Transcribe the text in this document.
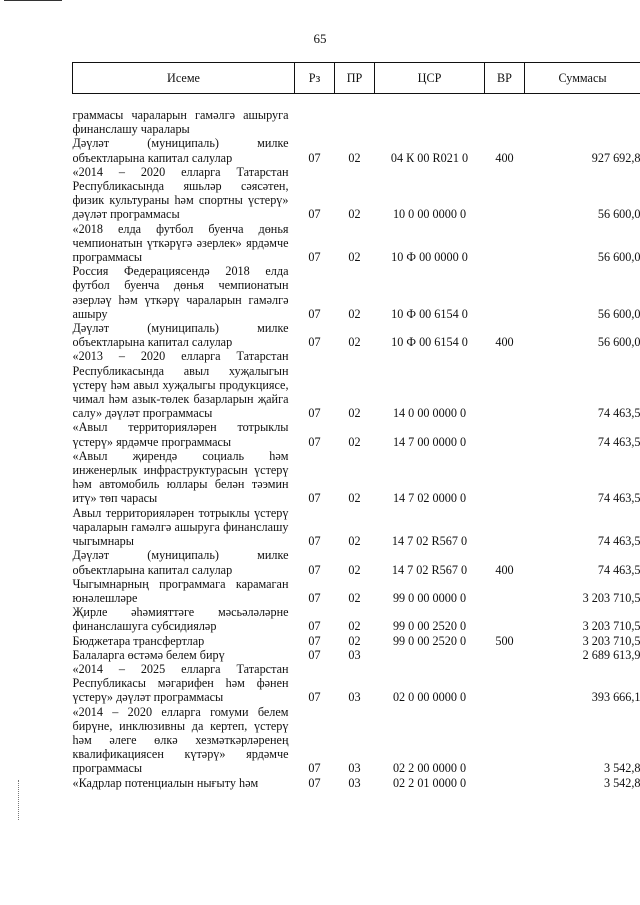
65
Исеме	Рз	ПР	ЦСР	ВР	Суммасы

граммасы чараларын гамәлгә ашыруга финанслашу чаралары					
Дәүләт (муниципаль) милке объектларына капитал салулар	07	02	04 К 00 R021 0	400	927 692,8
«2014 – 2020 елларга Татарстан Республикасында яшьләр сәясәтен, физик культураны һәм спортны үстерү» дәүләт программасы	07	02	10 0 00 0000 0		56 600,0
«2018 елда футбол буенча дөнья чемпионатын үткәрүгә әзерлек» ярдәмче программасы	07	02	10 Ф 00 0000 0		56 600,0
Россия Федерациясендә 2018 елда футбол буенча дөнья чемпионатын әзерләү һәм үткәрү чараларын гамәлгә ашыру	07	02	10 Ф 00 6154 0		56 600,0
Дәүләт (муниципаль) милке объектларына капитал салулар	07	02	10 Ф 00 6154 0	400	56 600,0
«2013 – 2020 елларга Татарстан Республикасында авыл хуҗалыгын үстерү һәм авыл хуҗалыгы продукциясе, чимал һәм азык-төлек базарларын җайга салу» дәүләт программасы	07	02	14 0 00 0000 0		74 463,5
«Авыл территорияләрен тотрыклы үстерү» ярдәмче программасы	07	02	14 7 00 0000 0		74 463,5
«Авыл җирендә социаль һәм инженерлык инфраструктурасын үстерү һәм автомобиль юллары белән тәэмин итү» төп чарасы	07	02	14 7 02 0000 0		74 463,5
Авыл территорияләрен тотрыклы үстерү чараларын гамәлгә ашыруга финанслашу чыгымнары	07	02	14 7 02 R567 0		74 463,5
Дәүләт (муниципаль) милке объектларына капитал салулар	07	02	14 7 02 R567 0	400	74 463,5
Чыгымнарның программага карамаган юнәлешләре	07	02	99 0 00 0000 0		3 203 710,5
Җирле әһәмияттәге мәсьәләләрне финанслашуга субсидияләр	07	02	99 0 00 2520 0		3 203 710,5
Бюджетара трансфертлар	07	02	99 0 00 2520 0	500	3 203 710,5
Балаларга өстәмә белем бирү	07	03			2 689 613,9
«2014 – 2025 елларга Татарстан Республикасы мәгарифен һәм фәнен үстерү» дәүләт программасы	07	03	02 0 00 0000 0		393 666,1
«2014 – 2020 елларга гомуми белем бирүне, инклюзивны да кертеп, үстерү һәм әлеге өлкә хезмәткәрләренең квалификациясен күтәрү» ярдәмче программасы	07	03	02 2 00 0000 0		3 542,8
«Кадрлар потенциалын нығыту һәм	07	03	02 2 01 0000 0		3 542,8
